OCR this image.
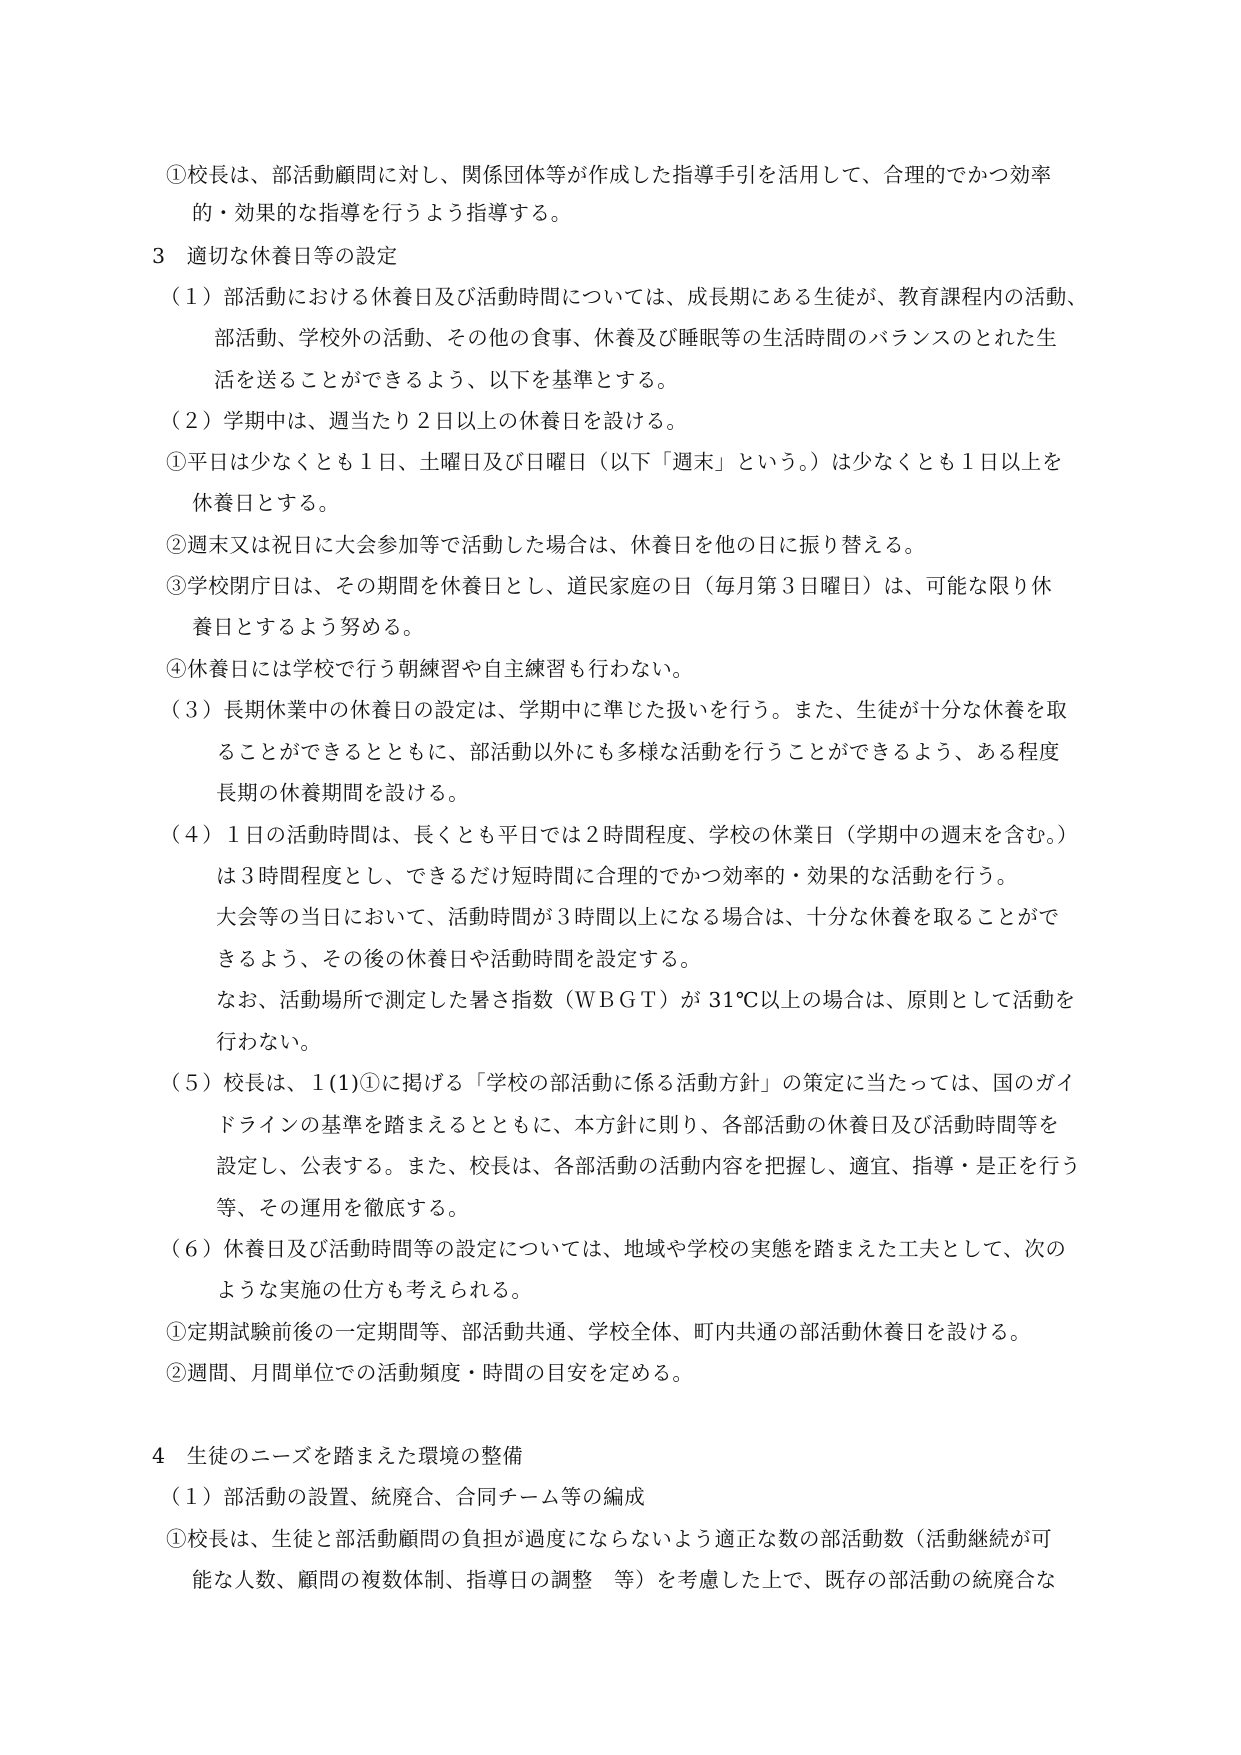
①校長は、部活動顧問に対し、関係団体等が作成した指導手引を活用して、合理的でかつ効率
的・効果的な指導を行うよう指導する。
3　適切な休養日等の設定
（１）部活動における休養日及び活動時間については、成長期にある生徒が、教育課程内の活動、
部活動、学校外の活動、その他の食事、休養及び睡眠等の生活時間のバランスのとれた生
活を送ることができるよう、以下を基準とする。
（２）学期中は、週当たり２日以上の休養日を設ける。
①平日は少なくとも１日、土曜日及び日曜日（以下「週末」という。）は少なくとも１日以上を
休養日とする。
②週末又は祝日に大会参加等で活動した場合は、休養日を他の日に振り替える。
③学校閉庁日は、その期間を休養日とし、道民家庭の日（毎月第３日曜日）は、可能な限り休
養日とするよう努める。
④休養日には学校で行う朝練習や自主練習も行わない。
（３）長期休業中の休養日の設定は、学期中に準じた扱いを行う。また、生徒が十分な休養を取
ることができるとともに、部活動以外にも多様な活動を行うことができるよう、ある程度
長期の休養期間を設ける。
（４）１日の活動時間は、長くとも平日では２時間程度、学校の休業日（学期中の週末を含む。）
は３時間程度とし、できるだけ短時間に合理的でかつ効率的・効果的な活動を行う。
大会等の当日において、活動時間が３時間以上になる場合は、十分な休養を取ることがで
きるよう、その後の休養日や活動時間を設定する。
なお、活動場所で測定した暑さ指数（ＷＢＧＴ）が 31℃以上の場合は、原則として活動を
行わない。
（５）校長は、１(1)①に掲げる「学校の部活動に係る活動方針」の策定に当たっては、国のガイ
ドラインの基準を踏まえるとともに、本方針に則り、各部活動の休養日及び活動時間等を
設定し、公表する。また、校長は、各部活動の活動内容を把握し、適宜、指導・是正を行う
等、その運用を徹底する。
（６）休養日及び活動時間等の設定については、地域や学校の実態を踏まえた工夫として、次の
ような実施の仕方も考えられる。
①定期試験前後の一定期間等、部活動共通、学校全体、町内共通の部活動休養日を設ける。
②週間、月間単位での活動頻度・時間の目安を定める。
4　生徒のニーズを踏まえた環境の整備
（１）部活動の設置、統廃合、合同チーム等の編成
①校長は、生徒と部活動顧問の負担が過度にならないよう適正な数の部活動数（活動継続が可
能な人数、顧問の複数体制、指導日の調整　等）を考慮した上で、既存の部活動の統廃合な
